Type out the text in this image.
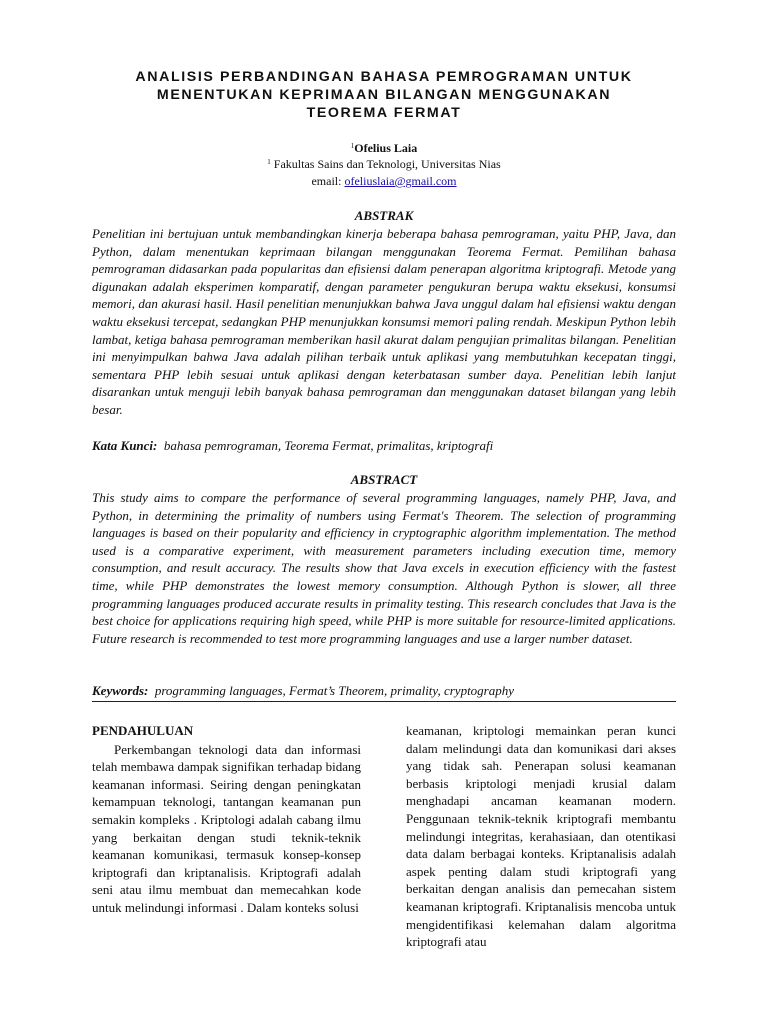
ANALISIS PERBANDINGAN BAHASA PEMROGRAMAN UNTUK
MENENTUKAN KEPRIMAAN BILANGAN MENGGUNAKAN
TEOREMA FERMAT
$^1$Ofelius Laia
$^1$ Fakultas Sains dan Teknologi, Universitas Nias
email: ofeliuslaia@gmail.com
ABSTRAK
Penelitian ini bertujuan untuk membandingkan kinerja beberapa bahasa pemrograman, yaitu PHP, Java, dan Python, dalam menentukan keprimaan bilangan menggunakan Teorema Fermat. Pemilihan bahasa pemrograman didasarkan pada popularitas dan efisiensi dalam penerapan algoritma kriptografi. Metode yang digunakan adalah eksperimen komparatif, dengan parameter pengukuran berupa waktu eksekusi, konsumsi memori, dan akurasi hasil. Hasil penelitian menunjukkan bahwa Java unggul dalam hal efisiensi waktu dengan waktu eksekusi tercepat, sedangkan PHP menunjukkan konsumsi memori paling rendah. Meskipun Python lebih lambat, ketiga bahasa pemrograman memberikan hasil akurat dalam pengujian primalitas bilangan. Penelitian ini menyimpulkan bahwa Java adalah pilihan terbaik untuk aplikasi yang membutuhkan kecepatan tinggi, sementara PHP lebih sesuai untuk aplikasi dengan keterbatasan sumber daya. Penelitian lebih lanjut disarankan untuk menguji lebih banyak bahasa pemrograman dan menggunakan dataset bilangan yang lebih besar.
Kata Kunci: bahasa pemrograman, Teorema Fermat, primalitas, kriptografi
ABSTRACT
This study aims to compare the performance of several programming languages, namely PHP, Java, and Python, in determining the primality of numbers using Fermat's Theorem. The selection of programming languages is based on their popularity and efficiency in cryptographic algorithm implementation. The method used is a comparative experiment, with measurement parameters including execution time, memory consumption, and result accuracy. The results show that Java excels in execution efficiency with the fastest time, while PHP demonstrates the lowest memory consumption. Although Python is slower, all three programming languages produced accurate results in primality testing. This research concludes that Java is the best choice for applications requiring high speed, while PHP is more suitable for resource-limited applications. Future research is recommended to test more programming languages and use a larger number dataset.
Keywords: programming languages, Fermat’s Theorem, primality, cryptography
PENDAHULUAN

Perkembangan teknologi data dan informasi telah membawa dampak signifikan terhadap bidang keamanan informasi. Seiring dengan peningkatan kemampuan teknologi, tantangan keamanan pun semakin kompleks . Kriptologi adalah cabang ilmu yang berkaitan dengan studi teknik-teknik keamanan komunikasi, termasuk konsep-konsep kriptografi dan kriptanalisis. Kriptografi adalah seni atau ilmu membuat dan memecahkan kode untuk melindungi informasi . Dalam konteks solusi

keamanan, kriptologi memainkan peran kunci dalam melindungi data dan komunikasi dari akses yang tidak sah. Penerapan solusi keamanan berbasis kriptologi menjadi krusial dalam menghadapi ancaman keamanan modern. Penggunaan teknik-teknik kriptografi membantu melindungi integritas, kerahasiaan, dan otentikasi data dalam berbagai konteks. Kriptanalisis adalah aspek penting dalam studi kriptografi yang berkaitan dengan analisis dan pemecahan sistem keamanan kriptografi. Kriptanalisis mencoba untuk mengidentifikasi kelemahan dalam algoritma kriptografi atau
